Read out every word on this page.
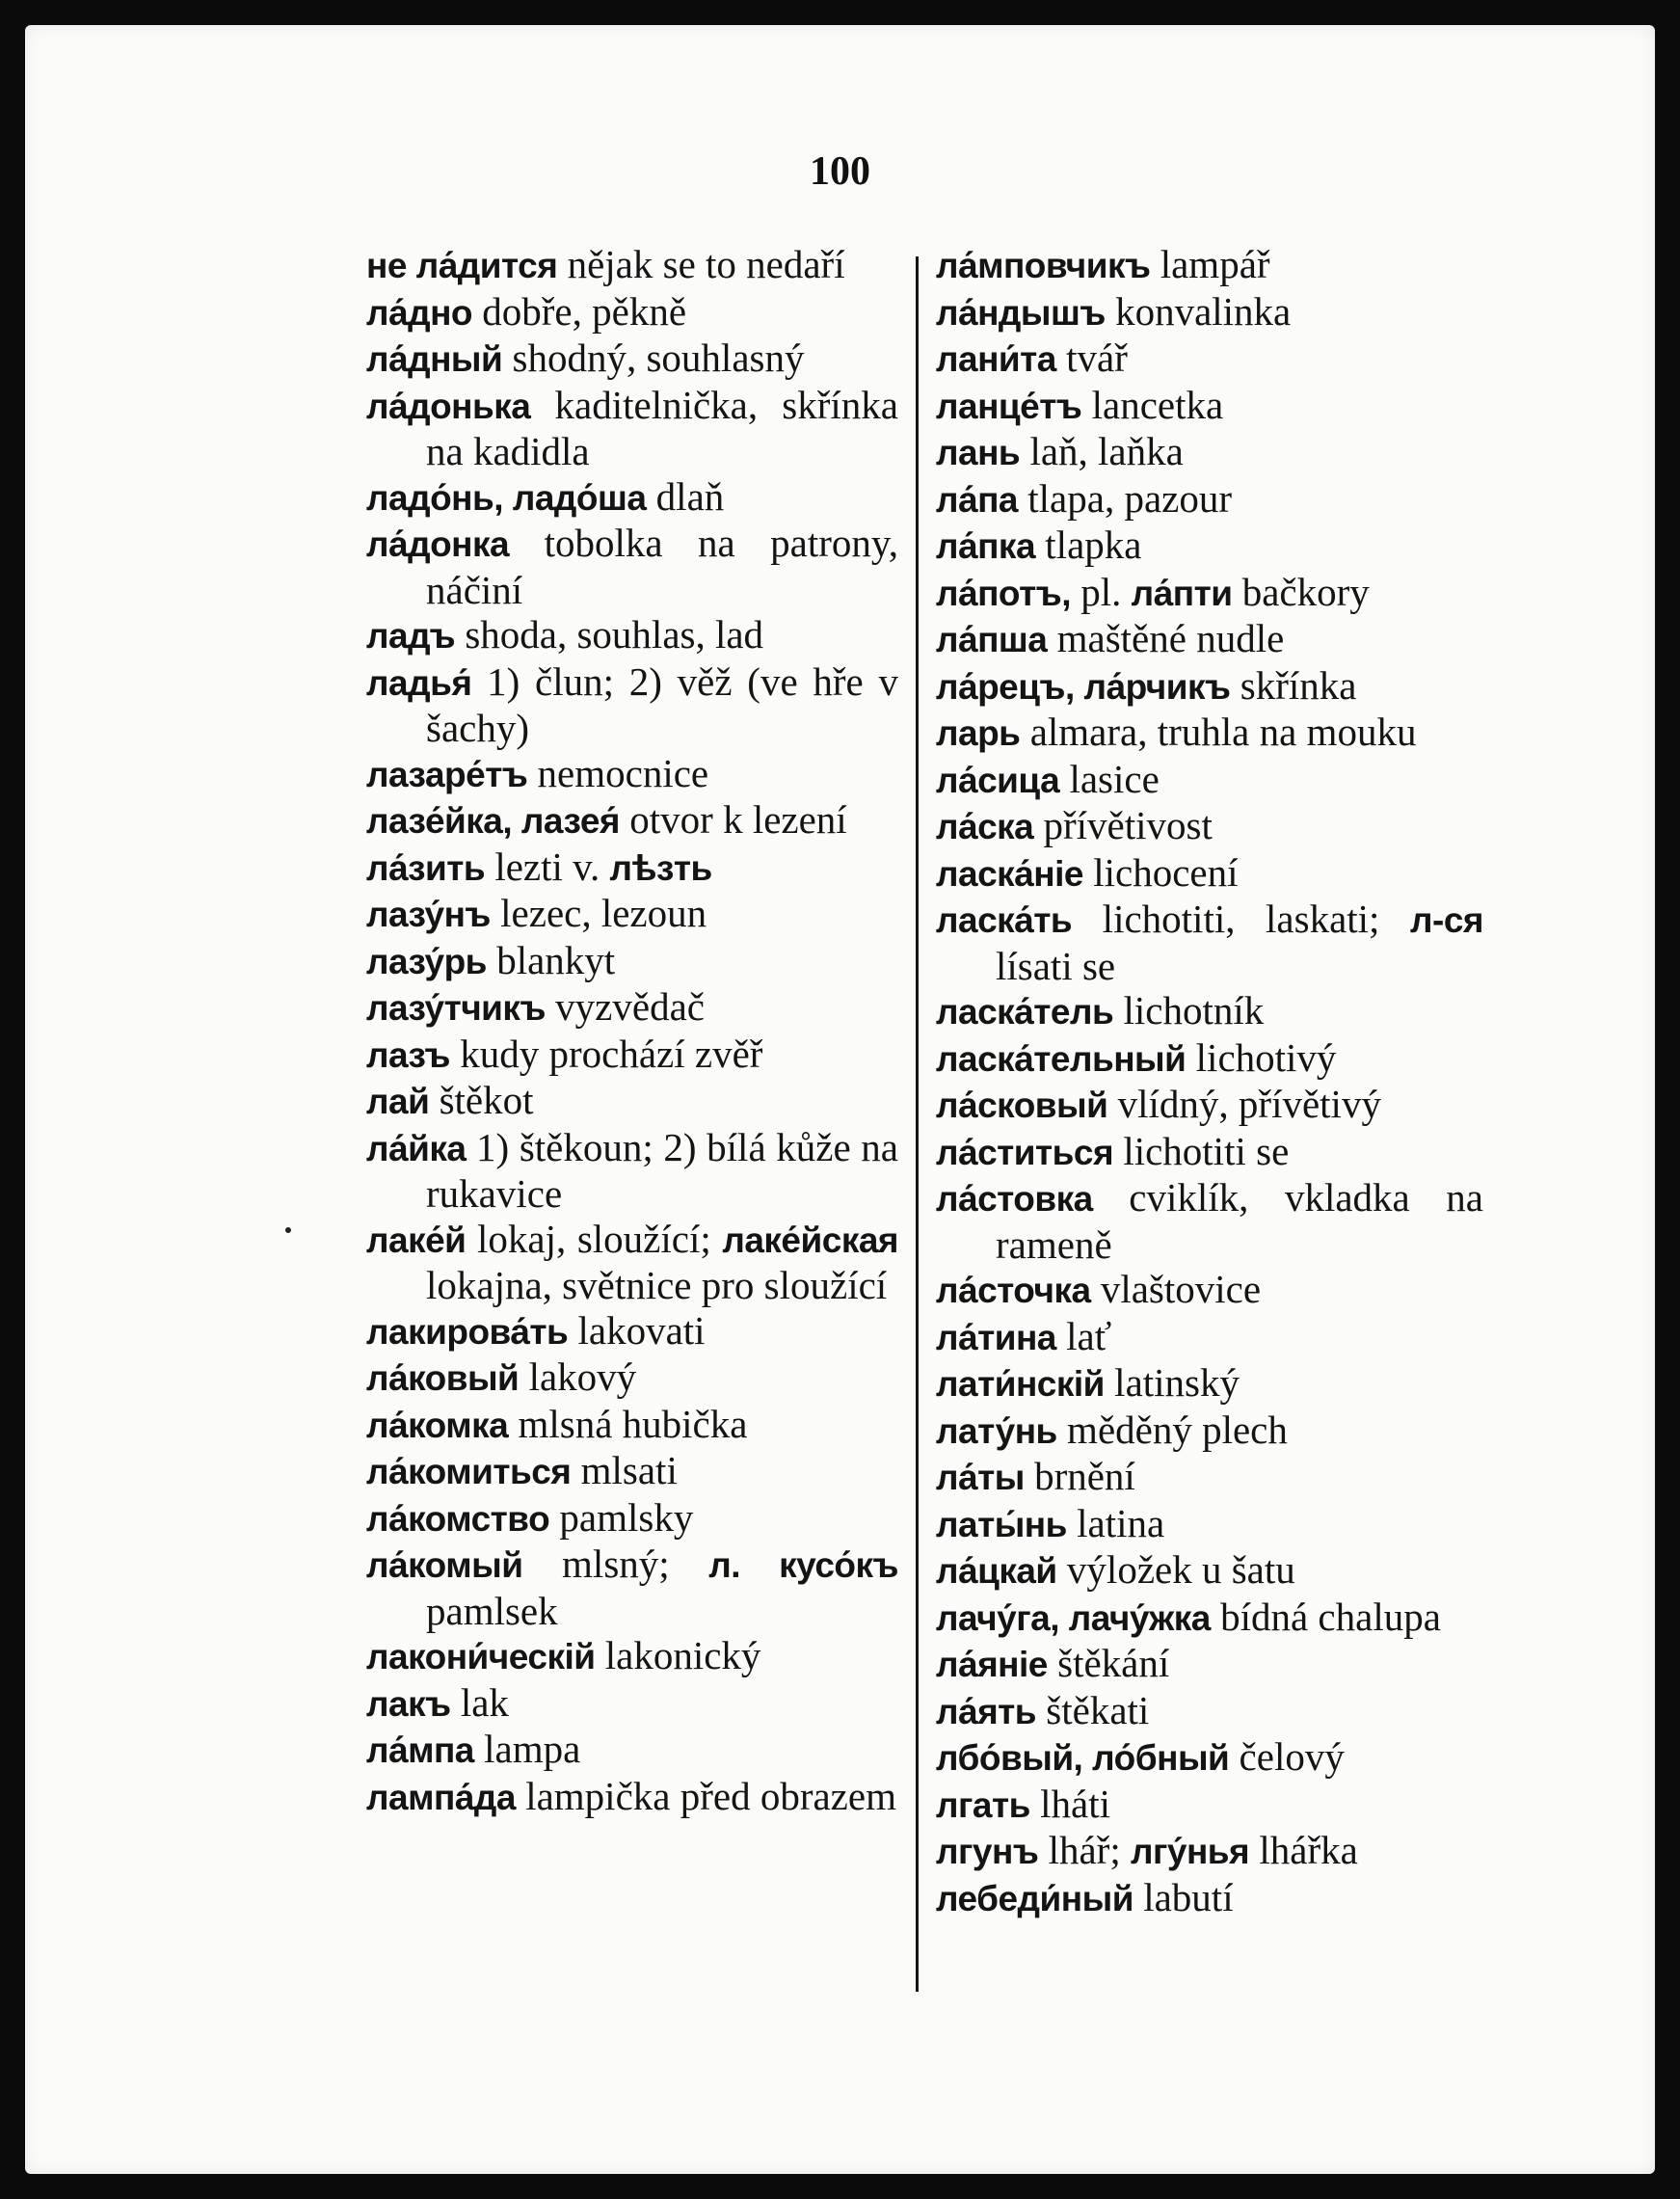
100
не ла́дится nějak se to nedaří
ла́дно dobře, pěkně
ла́дный shodný, souhlasný
ла́донька kaditelnička, skřínka na kadidla
ладо́нь, ладо́ша dlaň
ла́донка tobolka na patrony, náčiní
ладъ shoda, souhlas, lad
ладья́ 1) člun; 2) věž (ve hře v šachy)
лазаре́тъ nemocnice
лазе́йка, лазея́ otvor k lezení
ла́зить lezti v. лѣзть
лазу́нъ lezec, lezoun
лазу́рь blankyt
лазу́тчикъ vyzvědač
лазъ kudy prochází zvěř
лай štěkot
ла́йка 1) štěkoun; 2) bílá kůže na rukavice
лаке́й lokaj, sloužící; лаке́йская lokajna, světnice pro sloužící
лакирова́ть lakovati
ла́ковый lakový
ла́комка mlsná hubička
ла́комиться mlsati
ла́комство pamlsky
ла́комый mlsný; л. кусо́къ pamlsek
лакони́ческій lakonický
лакъ lak
ла́мпа lampa
лампа́да lampička před obrazem
ла́мповчикъ lampář
ла́ндышъ konvalinka
лани́та tvář
ланце́тъ lancetka
лань laň, laňka
ла́па tlapa, pazour
ла́пка tlapka
ла́потъ, pl. ла́пти bačkory
ла́пша maštěné nudle
ла́рецъ, ла́рчикъ skřínka
ларь almara, truhla na mouku
ла́сица lasice
ла́ска přívětivost
ласка́ніе lichocení
ласка́ть lichotiti, laskati; л-ся lísati se
ласка́тель lichotník
ласка́тельный lichotivý
ла́сковый vlídný, přívětivý
ла́ститься lichotiti se
ла́стовка cviklík, vkladka na rameně
ла́сточка vlaštovice
ла́тина lať
лати́нскій latinský
лату́нь měděný plech
ла́ты brnění
латы́нь latina
ла́цкай výložek u šatu
лачу́га, лачу́жка bídná chalupa
ла́яніе štěkání
ла́ять štěkati
лбо́вый, ло́бный čelový
лгать lháti
лгунъ lhář; лгу́нья lhářka
лебеди́ный labutí
